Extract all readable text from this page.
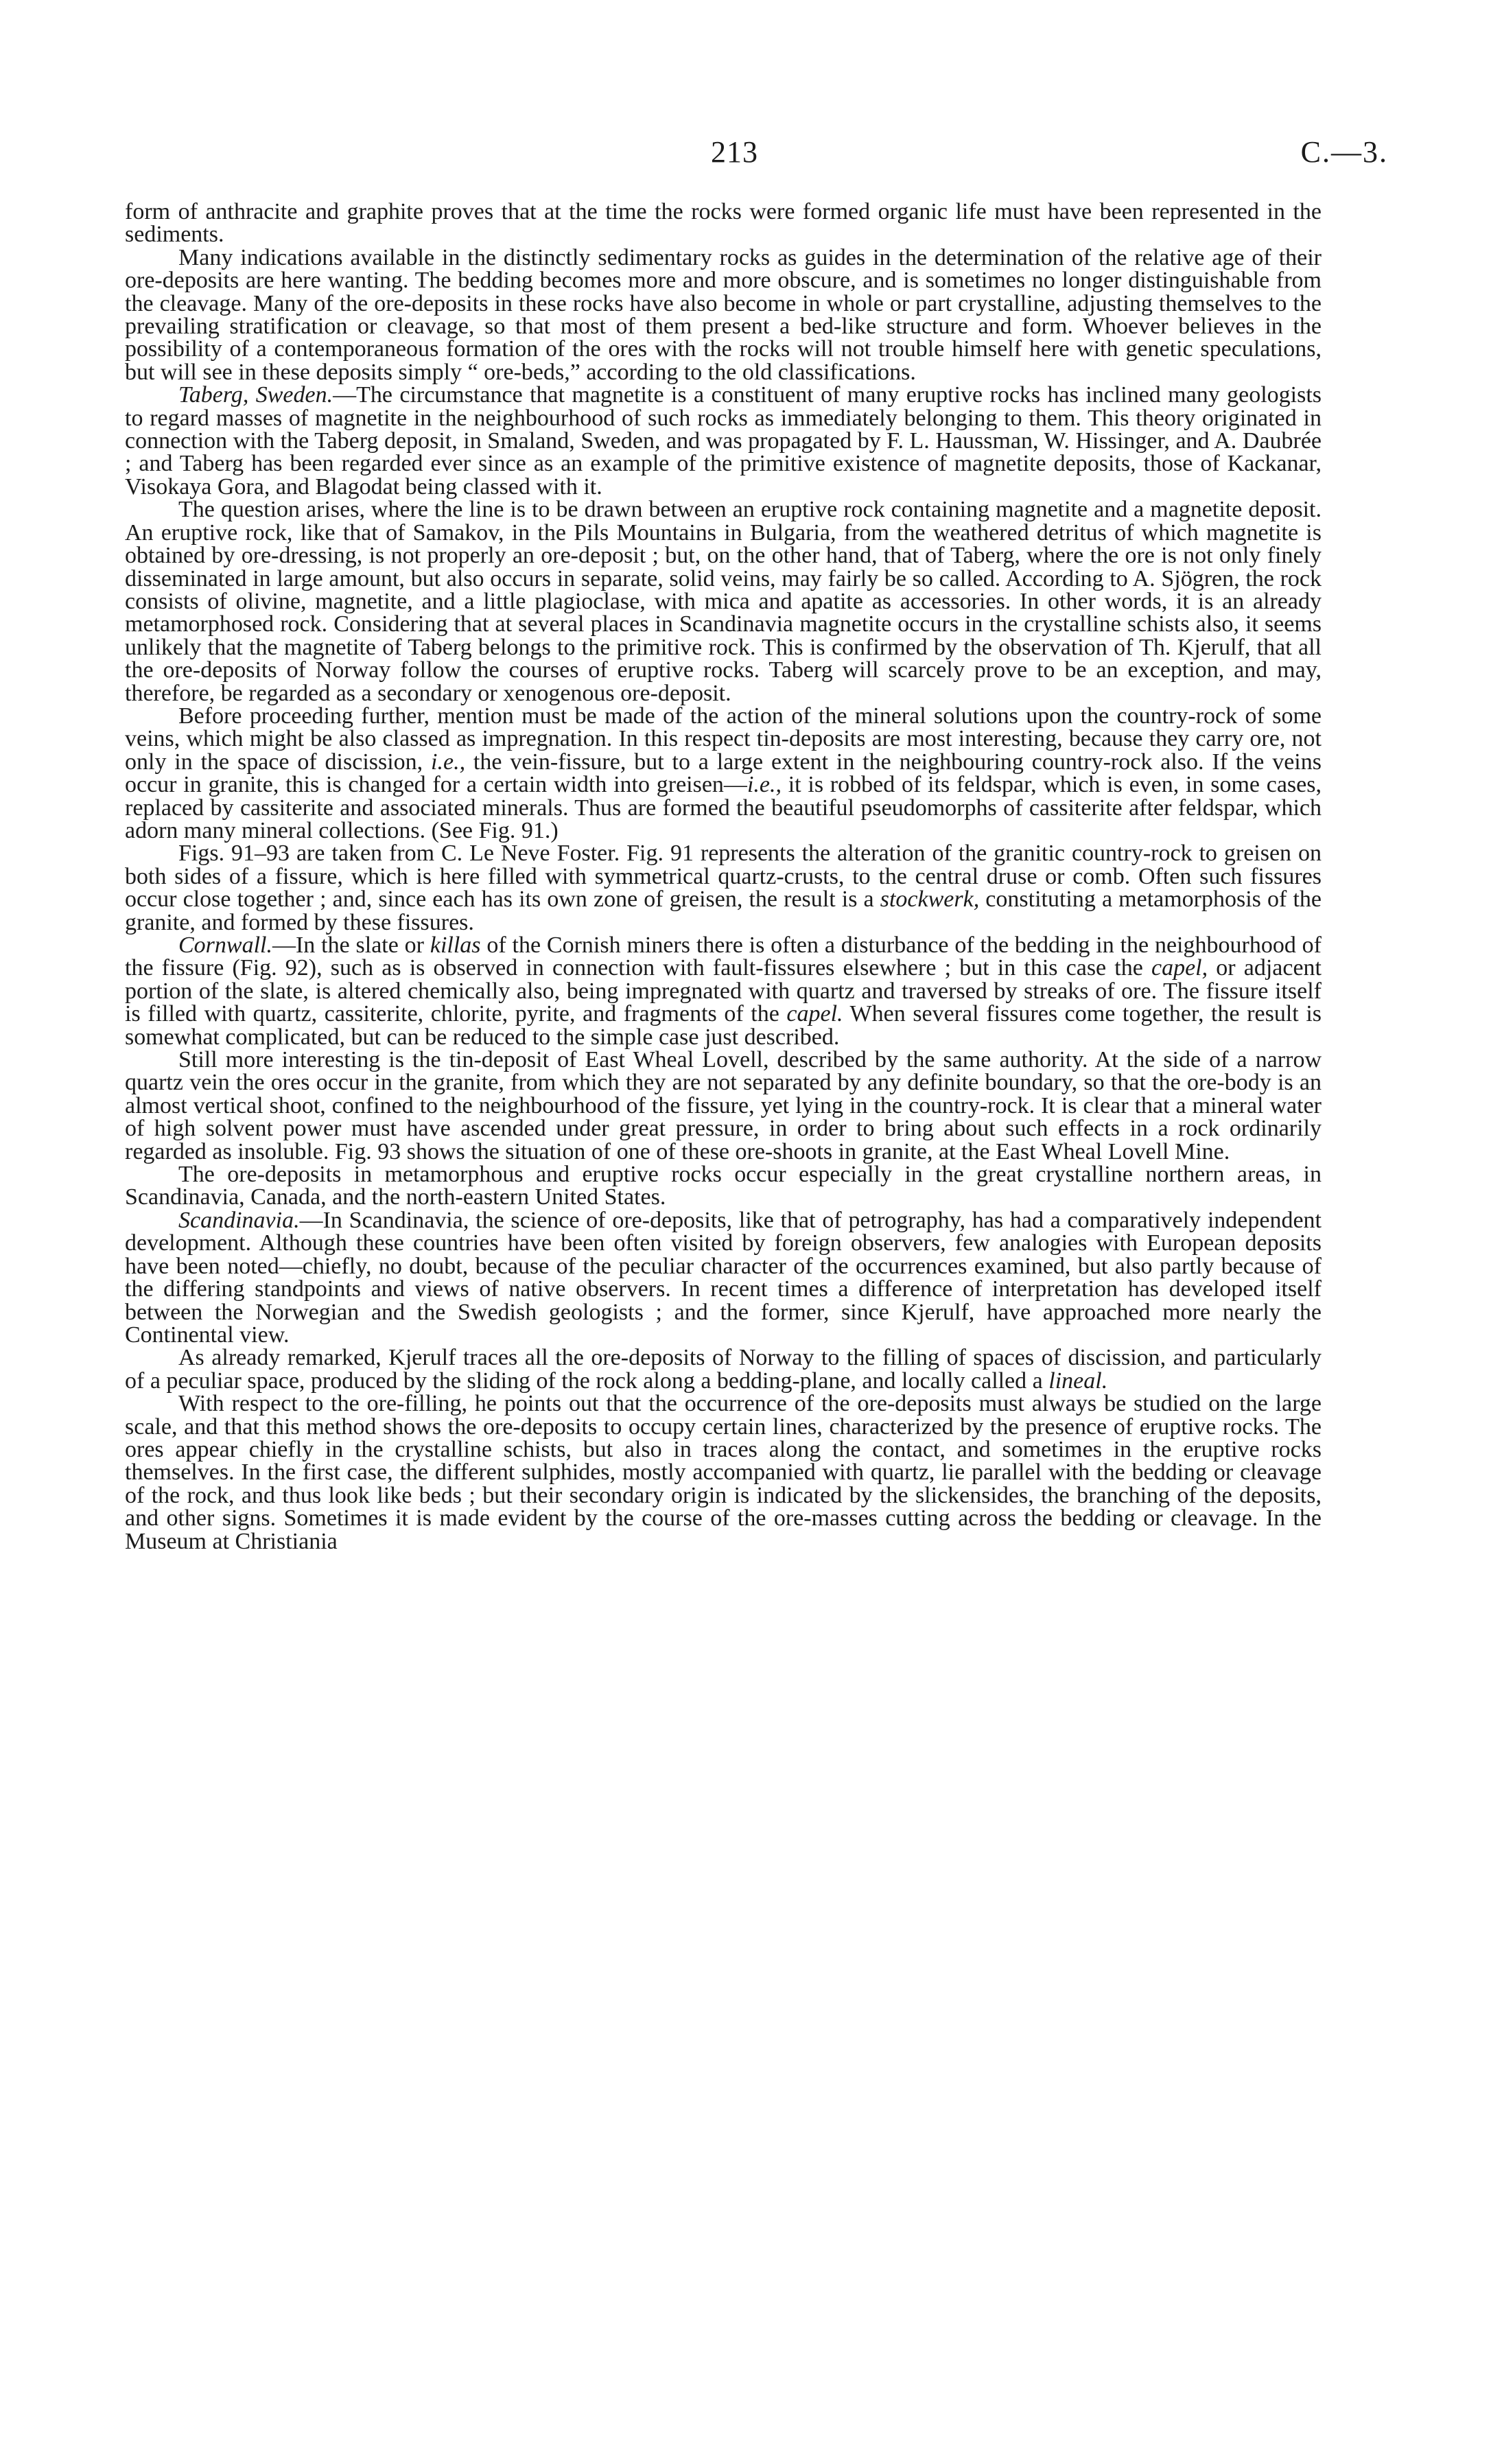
213	C.—3.

form of anthracite and graphite proves that at the time the rocks were formed organic life must have been represented in the sediments.

Many indications available in the distinctly sedimentary rocks as guides in the determination of the relative age of their ore-deposits are here wanting. The bedding becomes more and more obscure, and is sometimes no longer distinguishable from the cleavage. Many of the ore-deposits in these rocks have also become in whole or part crystalline, adjusting themselves to the prevailing stratification or cleavage, so that most of them present a bed-like structure and form. Whoever believes in the possibility of a contemporaneous formation of the ores with the rocks will not trouble himself here with genetic speculations, but will see in these deposits simply “ ore-beds,” according to the old classifications.

Taberg, Sweden.—The circumstance that magnetite is a constituent of many eruptive rocks has inclined many geologists to regard masses of magnetite in the neighbourhood of such rocks as immediately belonging to them. This theory originated in connection with the Taberg deposit, in Smaland, Sweden, and was propagated by F. L. Haussman, W. Hissinger, and A. Daubrée ; and Taberg has been regarded ever since as an example of the primitive existence of magnetite deposits, those of Kackanar, Visokaya Gora, and Blagodat being classed with it.

The question arises, where the line is to be drawn between an eruptive rock containing magnetite and a magnetite deposit. An eruptive rock, like that of Samakov, in the Pils Mountains in Bulgaria, from the weathered detritus of which magnetite is obtained by ore-dressing, is not properly an ore-deposit ; but, on the other hand, that of Taberg, where the ore is not only finely disseminated in large amount, but also occurs in separate, solid veins, may fairly be so called. According to A. Sjögren, the rock consists of olivine, magnetite, and a little plagioclase, with mica and apatite as accessories. In other words, it is an already metamorphosed rock. Considering that at several places in Scandinavia magnetite occurs in the crystalline schists also, it seems unlikely that the magnetite of Taberg belongs to the primitive rock. This is confirmed by the observation of Th. Kjerulf, that all the ore-deposits of Norway follow the courses of eruptive rocks. Taberg will scarcely prove to be an exception, and may, therefore, be regarded as a secondary or xenogenous ore-deposit.

Before proceeding further, mention must be made of the action of the mineral solutions upon the country-rock of some veins, which might be also classed as impregnation. In this respect tin-deposits are most interesting, because they carry ore, not only in the space of discission, i.e., the vein-fissure, but to a large extent in the neighbouring country-rock also. If the veins occur in granite, this is changed for a certain width into greisen—i.e., it is robbed of its feldspar, which is even, in some cases, replaced by cassiterite and associated minerals. Thus are formed the beautiful pseudomorphs of cassiterite after feldspar, which adorn many mineral collections. (See Fig. 91.)

Figs. 91–93 are taken from C. Le Neve Foster. Fig. 91 represents the alteration of the granitic country-rock to greisen on both sides of a fissure, which is here filled with symmetrical quartz-crusts, to the central druse or comb. Often such fissures occur close together ; and, since each has its own zone of greisen, the result is a stockwerk, constituting a metamorphosis of the granite, and formed by these fissures.

Cornwall.—In the slate or killas of the Cornish miners there is often a disturbance of the bedding in the neighbourhood of the fissure (Fig. 92), such as is observed in connection with fault-fissures elsewhere ; but in this case the capel, or adjacent portion of the slate, is altered chemically also, being impregnated with quartz and traversed by streaks of ore. The fissure itself is filled with quartz, cassiterite, chlorite, pyrite, and fragments of the capel. When several fissures come together, the result is somewhat complicated, but can be reduced to the simple case just described.

Still more interesting is the tin-deposit of East Wheal Lovell, described by the same authority. At the side of a narrow quartz vein the ores occur in the granite, from which they are not separated by any definite boundary, so that the ore-body is an almost vertical shoot, confined to the neighbourhood of the fissure, yet lying in the country-rock. It is clear that a mineral water of high solvent power must have ascended under great pressure, in order to bring about such effects in a rock ordinarily regarded as insoluble. Fig. 93 shows the situation of one of these ore-shoots in granite, at the East Wheal Lovell Mine.

The ore-deposits in metamorphous and eruptive rocks occur especially in the great crystalline northern areas, in Scandinavia, Canada, and the north-eastern United States.

Scandinavia.—In Scandinavia, the science of ore-deposits, like that of petrography, has had a comparatively independent development. Although these countries have been often visited by foreign observers, few analogies with European deposits have been noted—chiefly, no doubt, because of the peculiar character of the occurrences examined, but also partly because of the differing standpoints and views of native observers. In recent times a difference of interpretation has developed itself between the Norwegian and the Swedish geologists ; and the former, since Kjerulf, have approached more nearly the Continental view.

As already remarked, Kjerulf traces all the ore-deposits of Norway to the filling of spaces of discission, and particularly of a peculiar space, produced by the sliding of the rock along a bedding-plane, and locally called a lineal.

With respect to the ore-filling, he points out that the occurrence of the ore-deposits must always be studied on the large scale, and that this method shows the ore-deposits to occupy certain lines, characterized by the presence of eruptive rocks. The ores appear chiefly in the crystalline schists, but also in traces along the contact, and sometimes in the eruptive rocks themselves. In the first case, the different sulphides, mostly accompanied with quartz, lie parallel with the bedding or cleavage of the rock, and thus look like beds ; but their secondary origin is indicated by the slickensides, the branching of the deposits, and other signs. Sometimes it is made evident by the course of the ore-masses cutting across the bedding or cleavage. In the Museum at Christiania
